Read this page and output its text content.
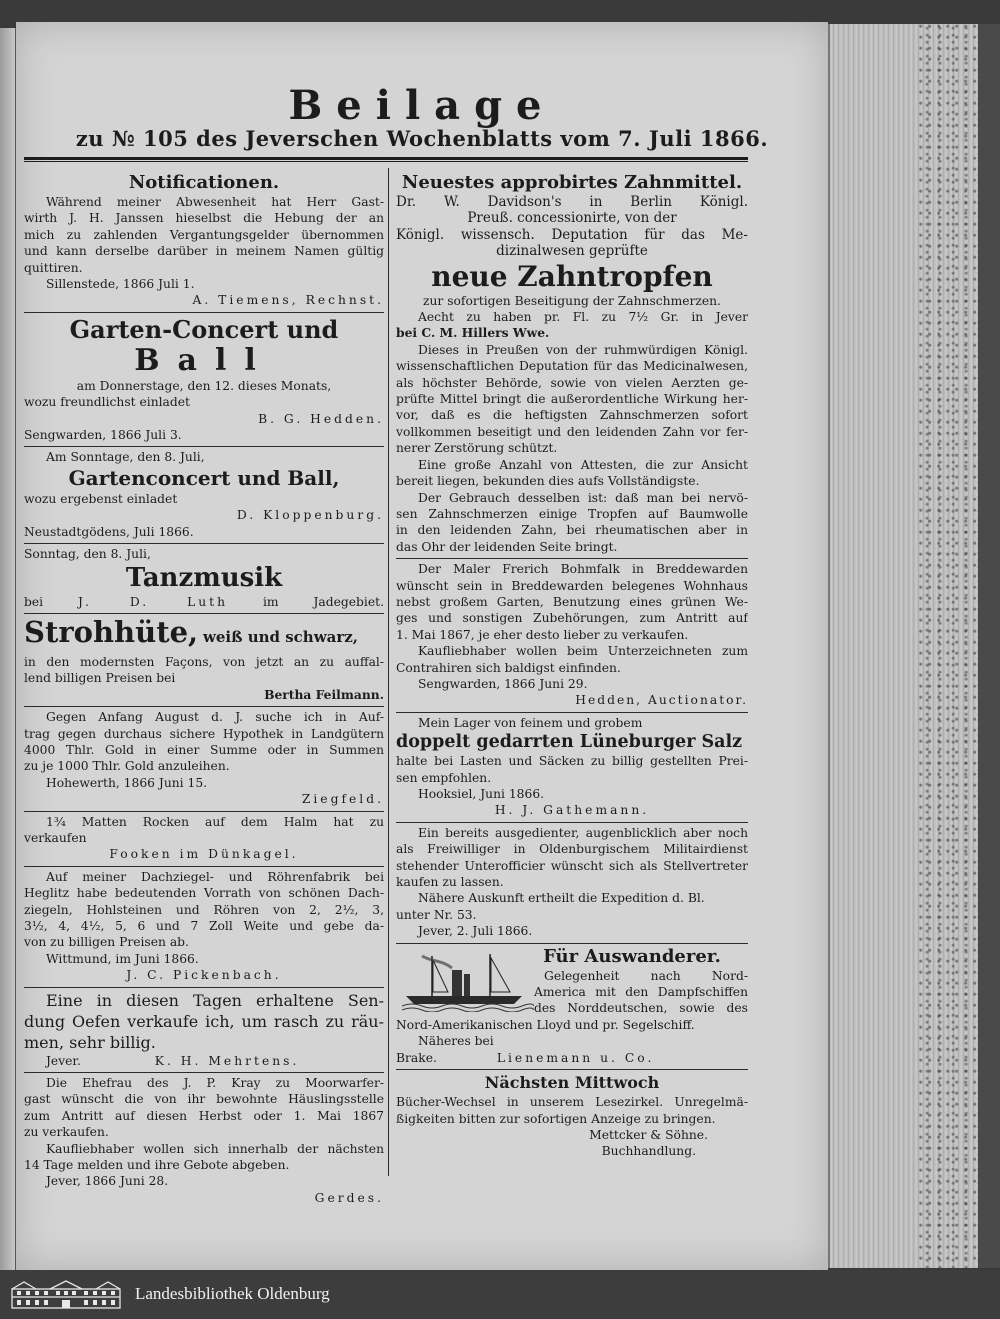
Beilage
zu № 105 des Jeverschen Wochenblatts vom 7. Juli 1866.
Notificationen.
Während meiner Abwesenheit hat Herr Gast-
wirth J. H. Janssen hieselbst die Hebung der an
mich zu zahlenden Vergantungsgelder übernommen
und kann derselbe darüber in meinem Namen gültig
quittiren.
Sillenstede, 1866 Juli 1.
A. Tiemens, Rechnst.
Garten-Concert und
Ball
am Donnerstage, den 12. dieses Monats,
wozu freundlichst einladet
B. G. Hedden.
Sengwarden, 1866 Juli 3.
Am Sonntage, den 8. Juli,
Gartenconcert und Ball,
wozu ergebenst einladet
D. Kloppenburg.
Neustadtgödens, Juli 1866.
Sonntag, den 8. Juli,
Tanzmusik
bei	J. D. Luth	im Jadegebiet.
Strohhüte, weiß und schwarz,
in den modernsten Façons, von jetzt an zu auffal-
lend billigen Preisen bei
Bertha Feilmann.
Gegen Anfang August d. J. suche ich in Auf-
trag gegen durchaus sichere Hypothek in Landgütern
4000 Thlr. Gold in einer Summe oder in Summen
zu je 1000 Thlr. Gold anzuleihen.
Hohewerth, 1866 Juni 15.
Ziegfeld.
1¾ Matten Rocken auf dem Halm hat zu
verkaufen
Fooken im Dünkagel.
Auf meiner Dachziegel- und Röhrenfabrik bei
Heglitz habe bedeutenden Vorrath von schönen Dach-
ziegeln, Hohlsteinen und Röhren von 2, 2½, 3,
3½, 4, 4½, 5, 6 und 7 Zoll Weite und gebe da-
von zu billigen Preisen ab.
Wittmund, im Juni 1866.
J. C. Pickenbach.
Eine in diesen Tagen erhaltene Sen-
dung Oefen verkaufe ich, um rasch zu räu-
men, sehr billig.
Jever.	K. H. Mehrtens.
Die Ehefrau des J. P. Kray zu Moorwarfer-
gast wünscht die von ihr bewohnte Häuslingsstelle
zum Antritt auf diesen Herbst oder 1. Mai 1867
zu verkaufen.
Kaufliebhaber wollen sich innerhalb der nächsten
14 Tage melden und ihre Gebote abgeben.
Jever, 1866 Juni 28.
Gerdes.
Neuestes approbirtes Zahnmittel.
Dr. W. Davidson's in Berlin Königl.
Preuß. concessionirte, von der
Königl. wissensch. Deputation für das Me-
dizinalwesen geprüfte
neue Zahntropfen
zur sofortigen Beseitigung der Zahnschmerzen.
Aecht zu haben pr. Fl. zu 7½ Gr. in Jever
bei C. M. Hillers Wwe.
Dieses in Preußen von der ruhmwürdigen Königl.
wissenschaftlichen Deputation für das Medicinalwesen,
als höchster Behörde, sowie von vielen Aerzten ge-
prüfte Mittel bringt die außerordentliche Wirkung her-
vor, daß es die heftigsten Zahnschmerzen sofort
vollkommen beseitigt und den leidenden Zahn vor fer-
nerer Zerstörung schützt.
Eine große Anzahl von Attesten, die zur Ansicht
bereit liegen, bekunden dies aufs Vollständigste.
Der Gebrauch desselben ist: daß man bei nervö-
sen Zahnschmerzen einige Tropfen auf Baumwolle
in den leidenden Zahn, bei rheumatischen aber in
das Ohr der leidenden Seite bringt.
Der Maler Frerich Bohmfalk in Breddewarden
wünscht sein in Breddewarden belegenes Wohnhaus
nebst großem Garten, Benutzung eines grünen We-
ges und sonstigen Zubehörungen, zum Antritt auf
1. Mai 1867, je eher desto lieber zu verkaufen.
Kaufliebhaber wollen beim Unterzeichneten zum
Contrahiren sich baldigst einfinden.
Sengwarden, 1866 Juni 29.
Hedden, Auctionator.
Mein Lager von feinem und grobem
doppelt gedarrten Lüneburger Salz
halte bei Lasten und Säcken zu billig gestellten Prei-
sen empfohlen.
Hooksiel, Juni 1866.
H. J. Gathemann.
Ein bereits ausgedienter, augenblicklich aber noch
als Freiwilliger in Oldenburgischem Militairdienst
stehender Unterofficier wünscht sich als Stellvertreter
kaufen zu lassen.
Nähere Auskunft ertheilt die Expedition d. Bl.
unter Nr. 53.
Jever, 2. Juli 1866.
Für Auswanderer.
Gelegenheit nach Nord-
America mit den Dampfschiffen
des Norddeutschen, sowie des
Nord-Amerikanischen Lloyd und pr. Segelschiff.
Näheres bei
Brake.	Lienemann u. Co.
Nächsten Mittwoch
Bücher-Wechsel in unserem Lesezirkel. Unregelmä-
ßigkeiten bitten zur sofortigen Anzeige zu bringen.
Mettcker & Söhne.
Buchhandlung.
Landesbibliothek Oldenburg
